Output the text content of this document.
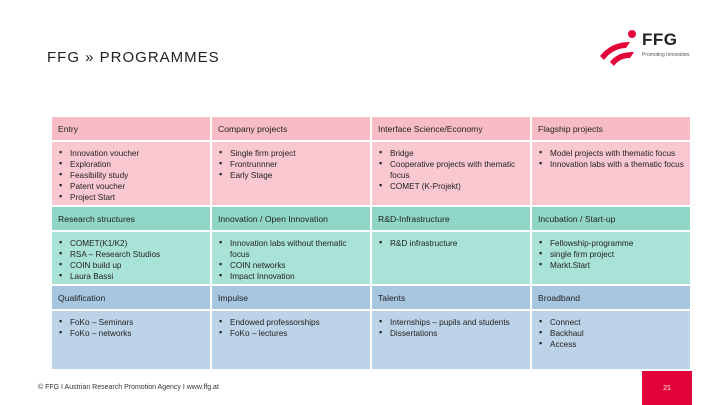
FFG » PROGRAMMES
FFG
Promoting Innovation.
Entry	Company projects	Interface Science/Economy	Flagship projects
▪ Innovation voucher
▪ Exploration
▪ Feasibility study
▪ Patent voucher
▪ Project Start
▪ Single firm project
▪ Frontrunnner
▪ Early Stage
▪ Bridge
▪ Cooperative projects with thematic focus
▪ COMET (K-Projekt)
▪ Model projects with thematic focus
▪ Innovation labs with a thematic focus
Research structures	Innovation / Open Innovation	R&D-Infrastructure	Incubation / Start-up
▪ COMET(K1/K2)
▪ RSA – Research Studios
▪ COIN build up
▪ Laura Bassi
▪ Innovation labs without thematic focus
▪ COIN networks
▪ Impact Innovation
▪ R&D infrastructure
▪	Fellowship-programme
▪ single firm project
▪ Markt.Start
Qualification	Impulse	Talents	Broadband
▪ FoKo – Seminars
▪ FoKo – networks
▪ Endowed professorships
▪ FoKo – lectures
▪ Internships – pupils and students
▪ Dissertations
▪ Connect
▪ Backhaul
▪ Access
© FFG I Austrian Research Promotion Agency I www.ffg.at	21
